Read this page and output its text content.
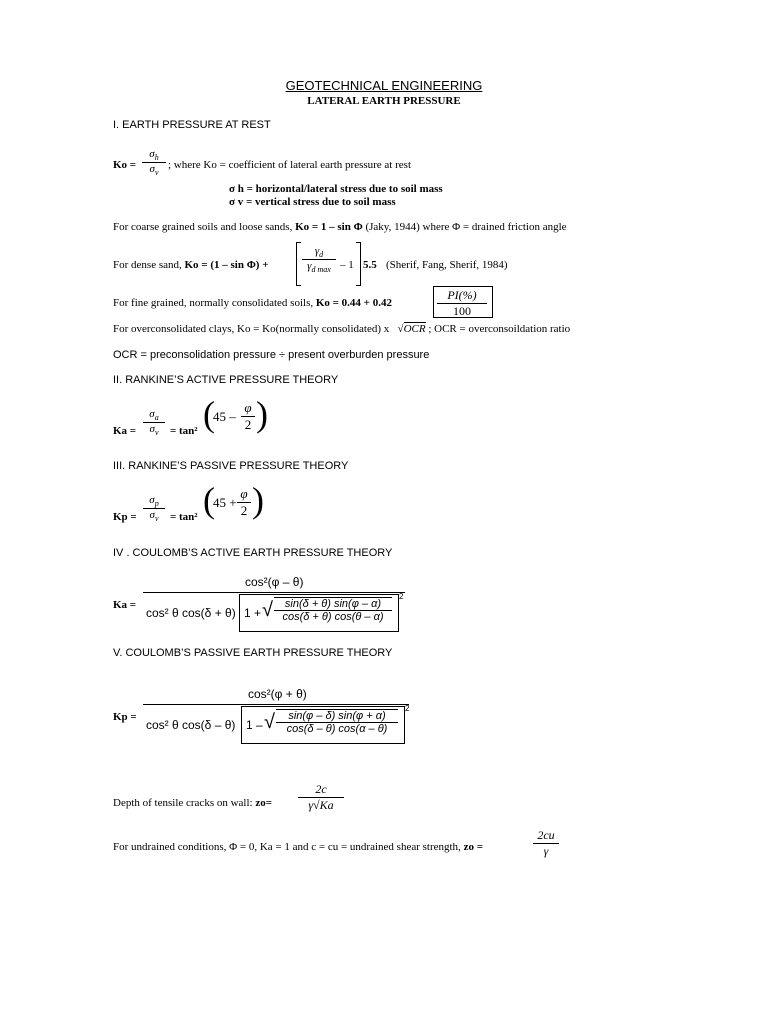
GEOTECHNICAL ENGINEERING
LATERAL EARTH PRESSURE
I. EARTH PRESSURE AT REST
$Ko = \frac{\sigma_h}{\sigma_v}$ ; where Ko = coefficient of lateral earth pressure at rest
σ h = horizontal/lateral stress due to soil mass
σ v = vertical stress due to soil mass
For coarse grained soils and loose sands, Ko = 1 – sin Φ (Jaky, 1944) where Φ = drained friction angle
For dense sand, Ko = (1 – sin Φ) +
$\gamma_d$
$\gamma_{d max} - 1$ 5.5 (Sherif, Fang, Sherif, 1984)
For fine grained, normally consolidated soils, Ko = 0.44 + 0.42	$\frac{PI(\%)}{100}$
For overconsolidated clays, Ko = Ko(normally consolidated) x   √OCR ; OCR = overconsoildation ratio
OCR = preconsolidation pressure ÷ present overburden pressure
II. RANKINE’S ACTIVE PRESSURE THEORY
$Ka = \frac{\sigma_a}{\sigma_v} = \tan^2$ (
$45 - \frac{\varphi}{2}$ )
III. RANKINE’S PASSIVE PRESSURE THEORY
$Kp = \frac{\sigma_p}{\sigma_v} = \tan^2$ (
$45 + \frac{\varphi}{2}$ )
IV . COULOMB’S ACTIVE EARTH PRESSURE THEORY
Ka =
cos²(φ – θ)
cos² θ cos(δ + θ) 1 + √ $\frac{\sin(\delta + \theta) \sin(\varphi - \alpha)}{\cos(\delta + \theta) \cos(\theta - \alpha)}$
2
V. COULOMB’S PASSIVE EARTH PRESSURE THEORY
Kp =
cos²(φ + θ)
cos² θ cos(δ – θ) 1 – √ $\frac{\sin(\varphi - \delta) \sin(\varphi + \alpha)}{\cos(\delta - \theta) \cos(\alpha - \theta)}$
2
Depth of tensile cracks on wall: $zo= \frac{2c}{\gamma√Ka}$
For undrained conditions, Φ = 0, Ka = 1 and c = cu = undrained shear strength, zo =	$\frac{2cu}{\gamma}$
